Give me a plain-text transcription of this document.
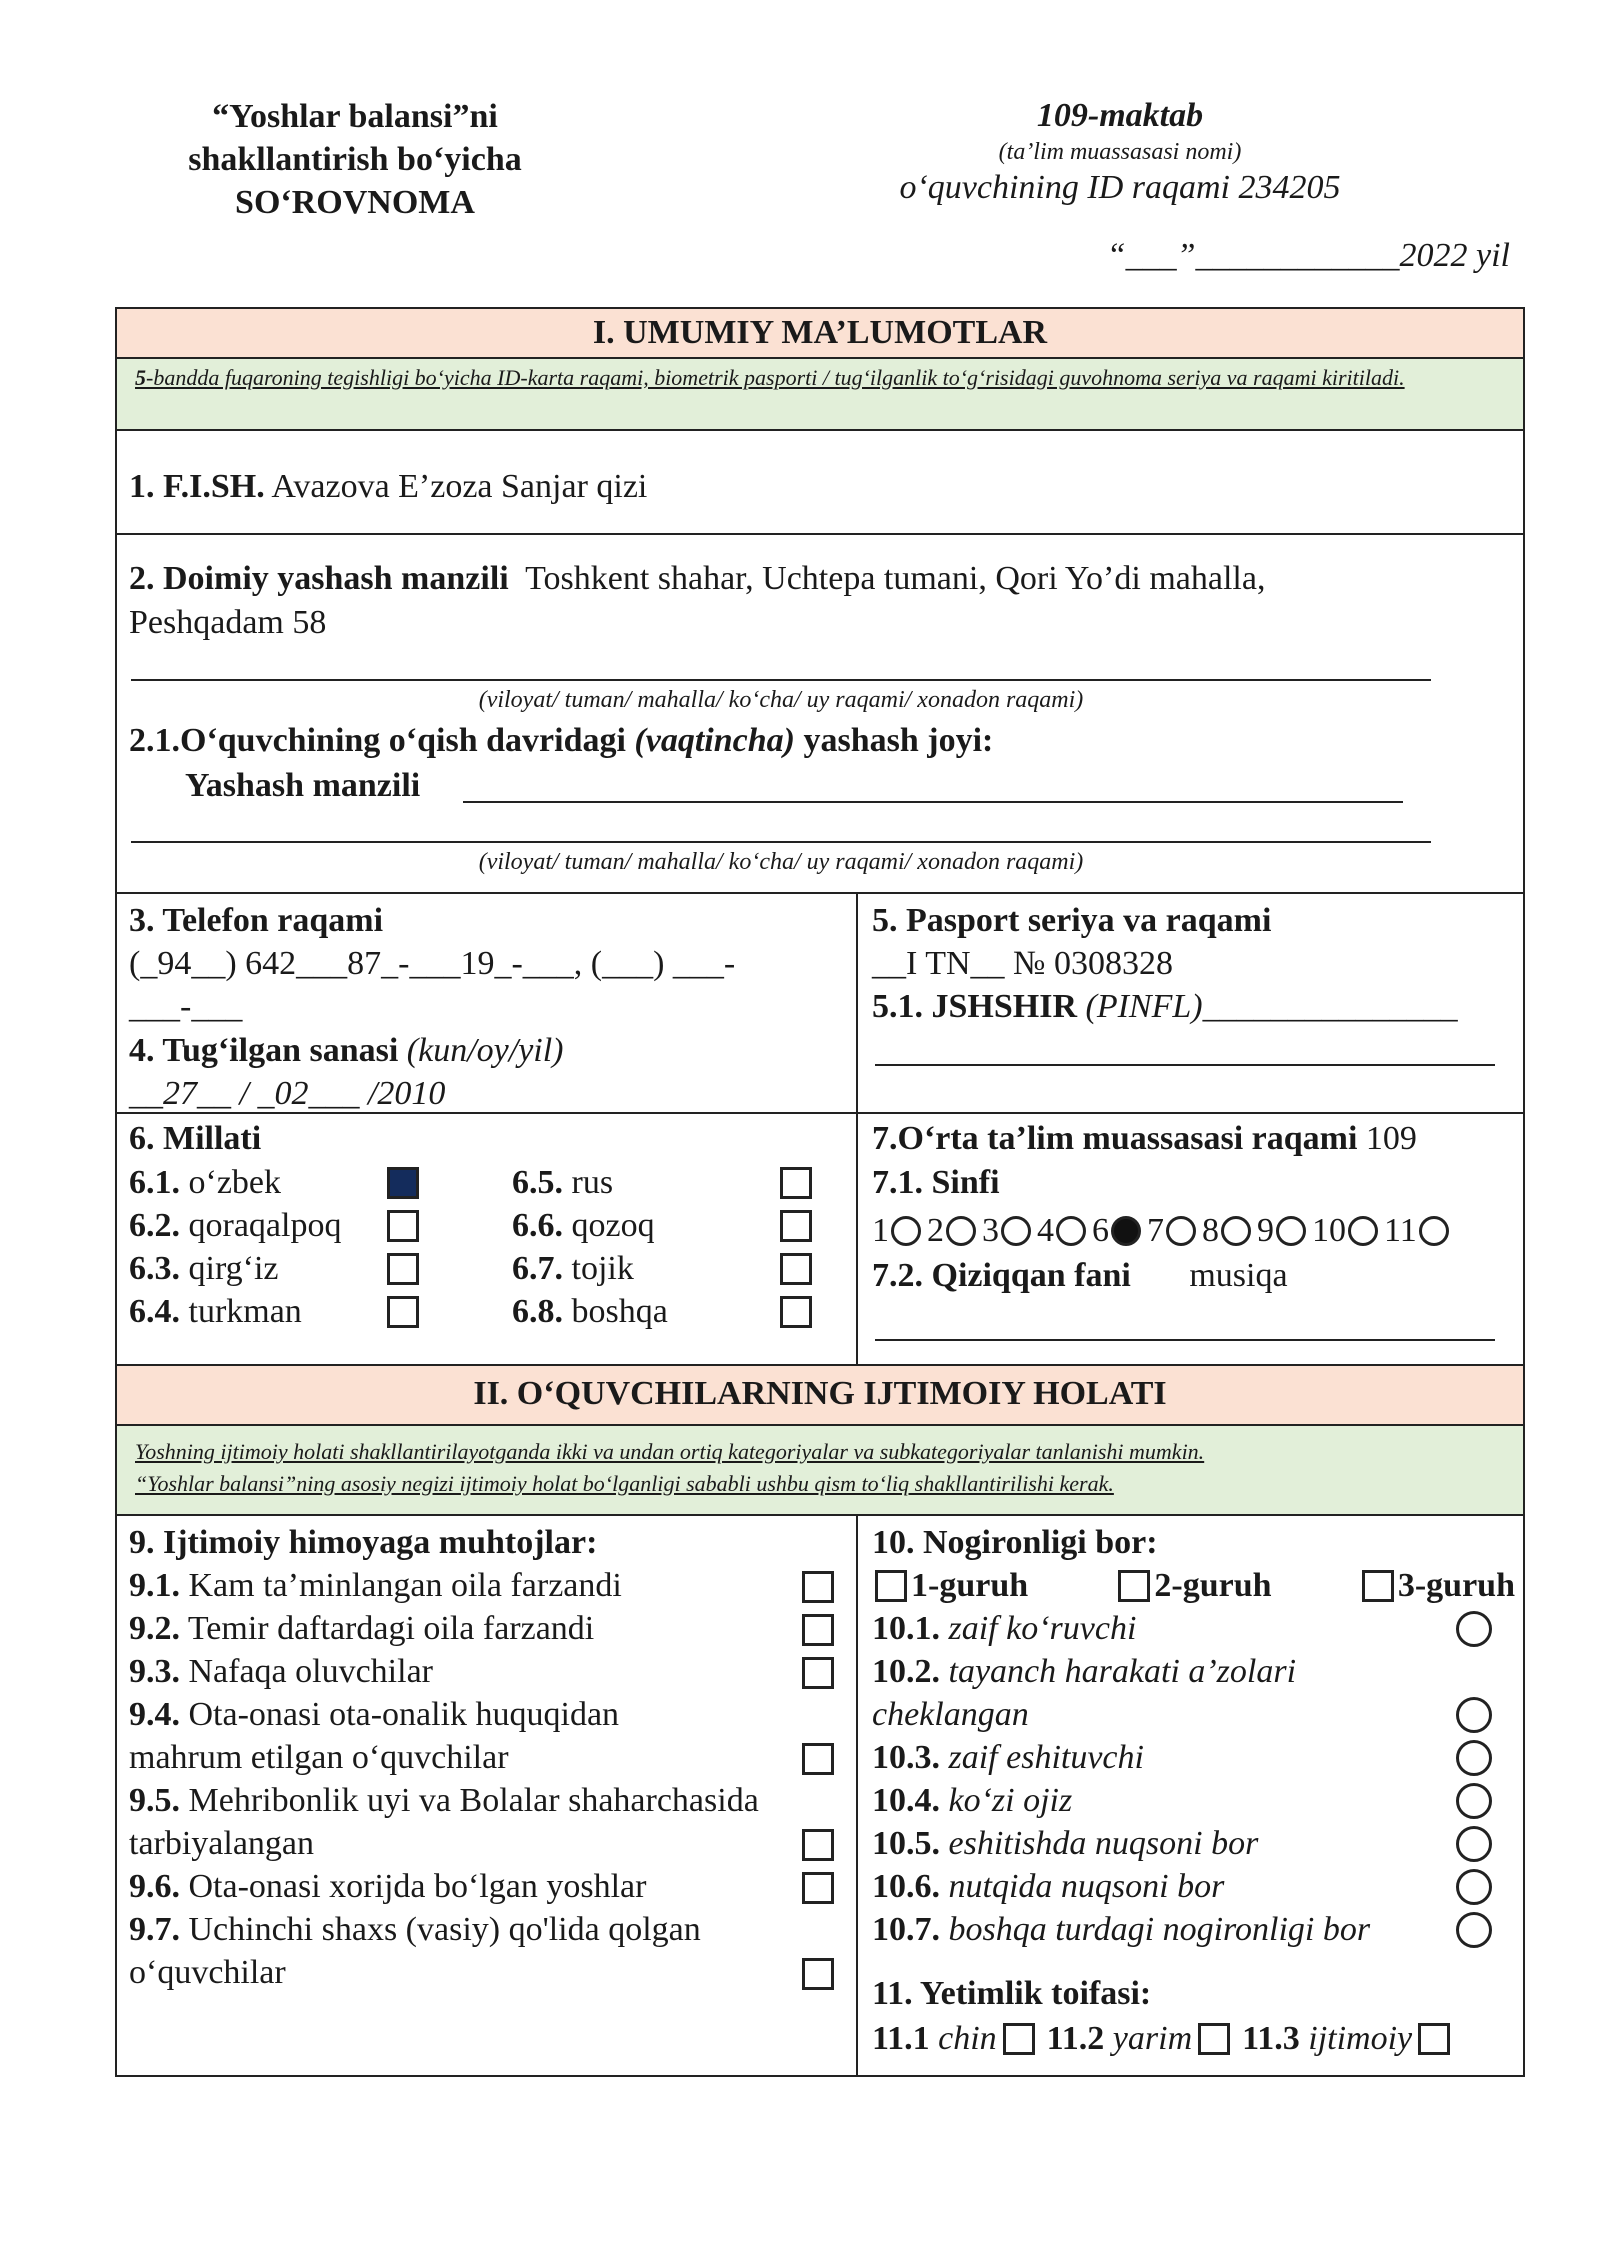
“Yoshlar balansi”ni
shakllantirish bo‘yicha
SO‘ROVNOMA
109-maktab
(ta’lim muassasasi nomi)
o‘quvchining ID raqami 234205
“___”____________2022 yil
I. UMUMIY MA’LUMOTLAR
5-bandda fuqaroning tegishligi bo‘yicha ID-karta raqami, biometrik pasporti / tug‘ilganlik to‘g‘risidagi guvohnoma seriya va raqami kiritiladi.
1. F.I.SH. Avazova E’zoza Sanjar qizi
2. Doimiy yashash manzili Toshkent shahar, Uchtepa tumani, Qori Yo’di mahalla,
Peshqadam 58
(viloyat/ tuman/ mahalla/ ko‘cha/ uy raqami/ xonadon raqami)
2.1.O‘quvchining o‘qish davridagi (vaqtincha) yashash joyi:
Yashash manzili
(viloyat/ tuman/ mahalla/ ko‘cha/ uy raqami/ xonadon raqami)
3. Telefon raqami
(_94__) 642___87_-___19_-___, (___) ___-
___-___
4. Tug‘ilgan sanasi (kun/oy/yil)
__27__ / _02___ /2010
5. Pasport seriya va raqami
__I TN__ № 0308328
5.1. JSHSHIR (PINFL)_______________
6. Millati
6.1. o‘zbek
6.2. qoraqalpoq
6.3. qirg‘iz
6.4. turkman
6.5. rus
6.6. qozoq
6.7. tojik
6.8. boshqa
7.O‘rta ta’lim muassasasi raqami 109
7.1. Sinfi
1 2 3 4 6 7 8 9 10 11
7.2. Qiziqqan fani musiqa
II. O‘QUVCHILARNING IJTIMOIY HOLATI
Yoshning ijtimoiy holati shakllantirilayotganda ikki va undan ortiq kategoriyalar va subkategoriyalar tanlanishi mumkin.
“Yoshlar balansi”ning asosiy negizi ijtimoiy holat bo‘lganligi sababli ushbu qism to‘liq shakllantirilishi kerak.
9. Ijtimoiy himoyaga muhtojlar:
9.1. Kam ta’minlangan oila farzandi
9.2. Temir daftardagi oila farzandi
9.3. Nafaqa oluvchilar
9.4. Ota-onasi ota-onalik huquqidan
mahrum etilgan o‘quvchilar
9.5. Mehribonlik uyi va Bolalar shaharchasida
tarbiyalangan
9.6. Ota-onasi xorijda bo‘lgan yoshlar
9.7. Uchinchi shaxs (vasiy) qo'lida qolgan
o‘quvchilar
10. Nogironligi bor:
1-guruh	2-guruh	3-guruh
10.1. zaif ko‘ruvchi
10.2. tayanch harakati a’zolari
cheklangan
10.3. zaif eshituvchi
10.4. ko‘zi ojiz
10.5. eshitishda nuqsoni bor
10.6. nutqida nuqsoni bor
10.7. boshqa turdagi nogironligi bor
11. Yetimlik toifasi:
11.1
chin 11.2
yarim 11.3
ijtimoiy
